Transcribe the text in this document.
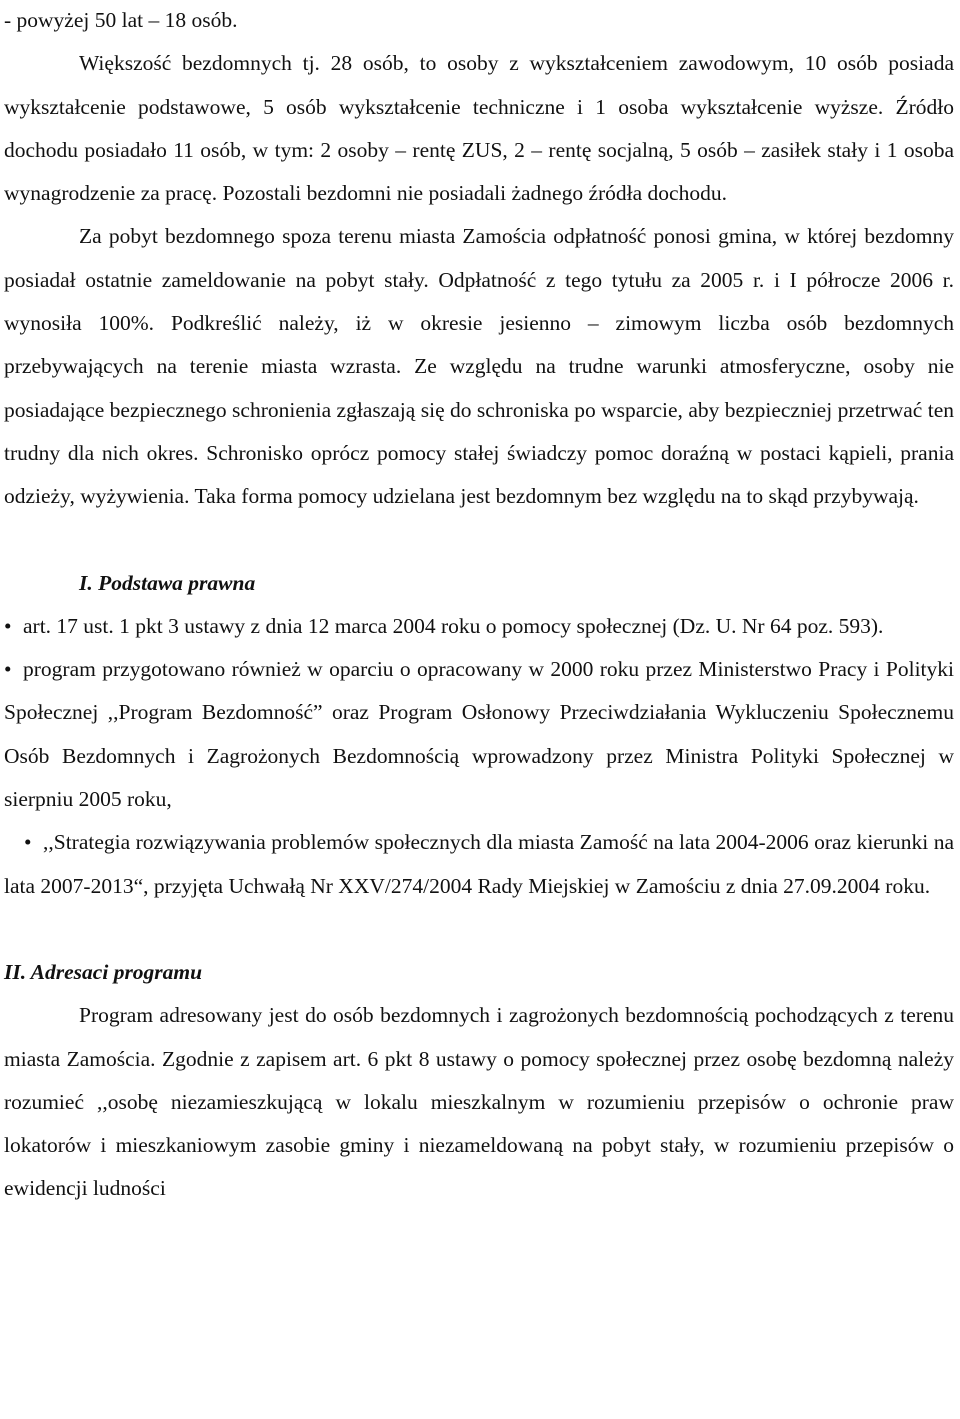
- powyżej 50 lat – 18 osób.

Większość bezdomnych tj. 28 osób, to osoby z wykształceniem zawodowym, 10 osób posiada wykształcenie podstawowe, 5 osób wykształcenie techniczne i 1 osoba wykształcenie wyższe. Źródło dochodu posiadało 11 osób, w tym: 2 osoby – rentę ZUS, 2 – rentę socjalną, 5 osób – zasiłek stały i 1 osoba wynagrodzenie za pracę. Pozostali bezdomni nie posiadali żadnego źródła dochodu.

Za pobyt bezdomnego spoza terenu miasta Zamościa odpłatność ponosi gmina, w której bezdomny posiadał ostatnie zameldowanie na pobyt stały. Odpłatność z tego tytułu za 2005 r. i I półrocze 2006 r. wynosiła 100%. Podkreślić należy, iż w okresie jesienno – zimowym liczba osób bezdomnych przebywających na terenie miasta wzrasta. Ze względu na trudne warunki atmosferyczne, osoby nie posiadające bezpiecznego schronienia zgłaszają się do schroniska po wsparcie, aby bezpieczniej przetrwać ten trudny dla nich okres. Schronisko oprócz pomocy stałej świadczy pomoc doraźną w postaci kąpieli, prania odzieży, wyżywienia. Taka forma pomocy udzielana jest bezdomnym bez względu na to skąd przybywają.

I. Podstawa prawna

• art. 17 ust. 1 pkt 3 ustawy z dnia 12 marca 2004 roku o pomocy społecznej (Dz. U. Nr 64 poz. 593).

• program przygotowano również w oparciu o opracowany w 2000 roku przez Ministerstwo Pracy i Polityki Społecznej ,,Program Bezdomność” oraz Program Osłonowy Przeciwdziałania Wykluczeniu Społecznemu Osób Bezdomnych i Zagrożonych Bezdomnością wprowadzony przez Ministra Polityki Społecznej w sierpniu 2005 roku,

• ,,Strategia rozwiązywania problemów społecznych dla miasta Zamość na lata 2004-2006 oraz kierunki na lata 2007-2013“, przyjęta Uchwałą Nr XXV/274/2004 Rady Miejskiej w Zamościu z dnia 27.09.2004 roku.

II. Adresaci programu

Program adresowany jest do osób bezdomnych i zagrożonych bezdomnością pochodzących z terenu miasta Zamościa. Zgodnie z zapisem art. 6 pkt 8 ustawy o pomocy społecznej przez osobę bezdomną należy rozumieć ,,osobę niezamieszkującą w lokalu mieszkalnym w rozumieniu przepisów o ochronie praw lokatorów i mieszkaniowym zasobie gminy i niezameldowaną na pobyt stały, w rozumieniu przepisów o ewidencji ludności
